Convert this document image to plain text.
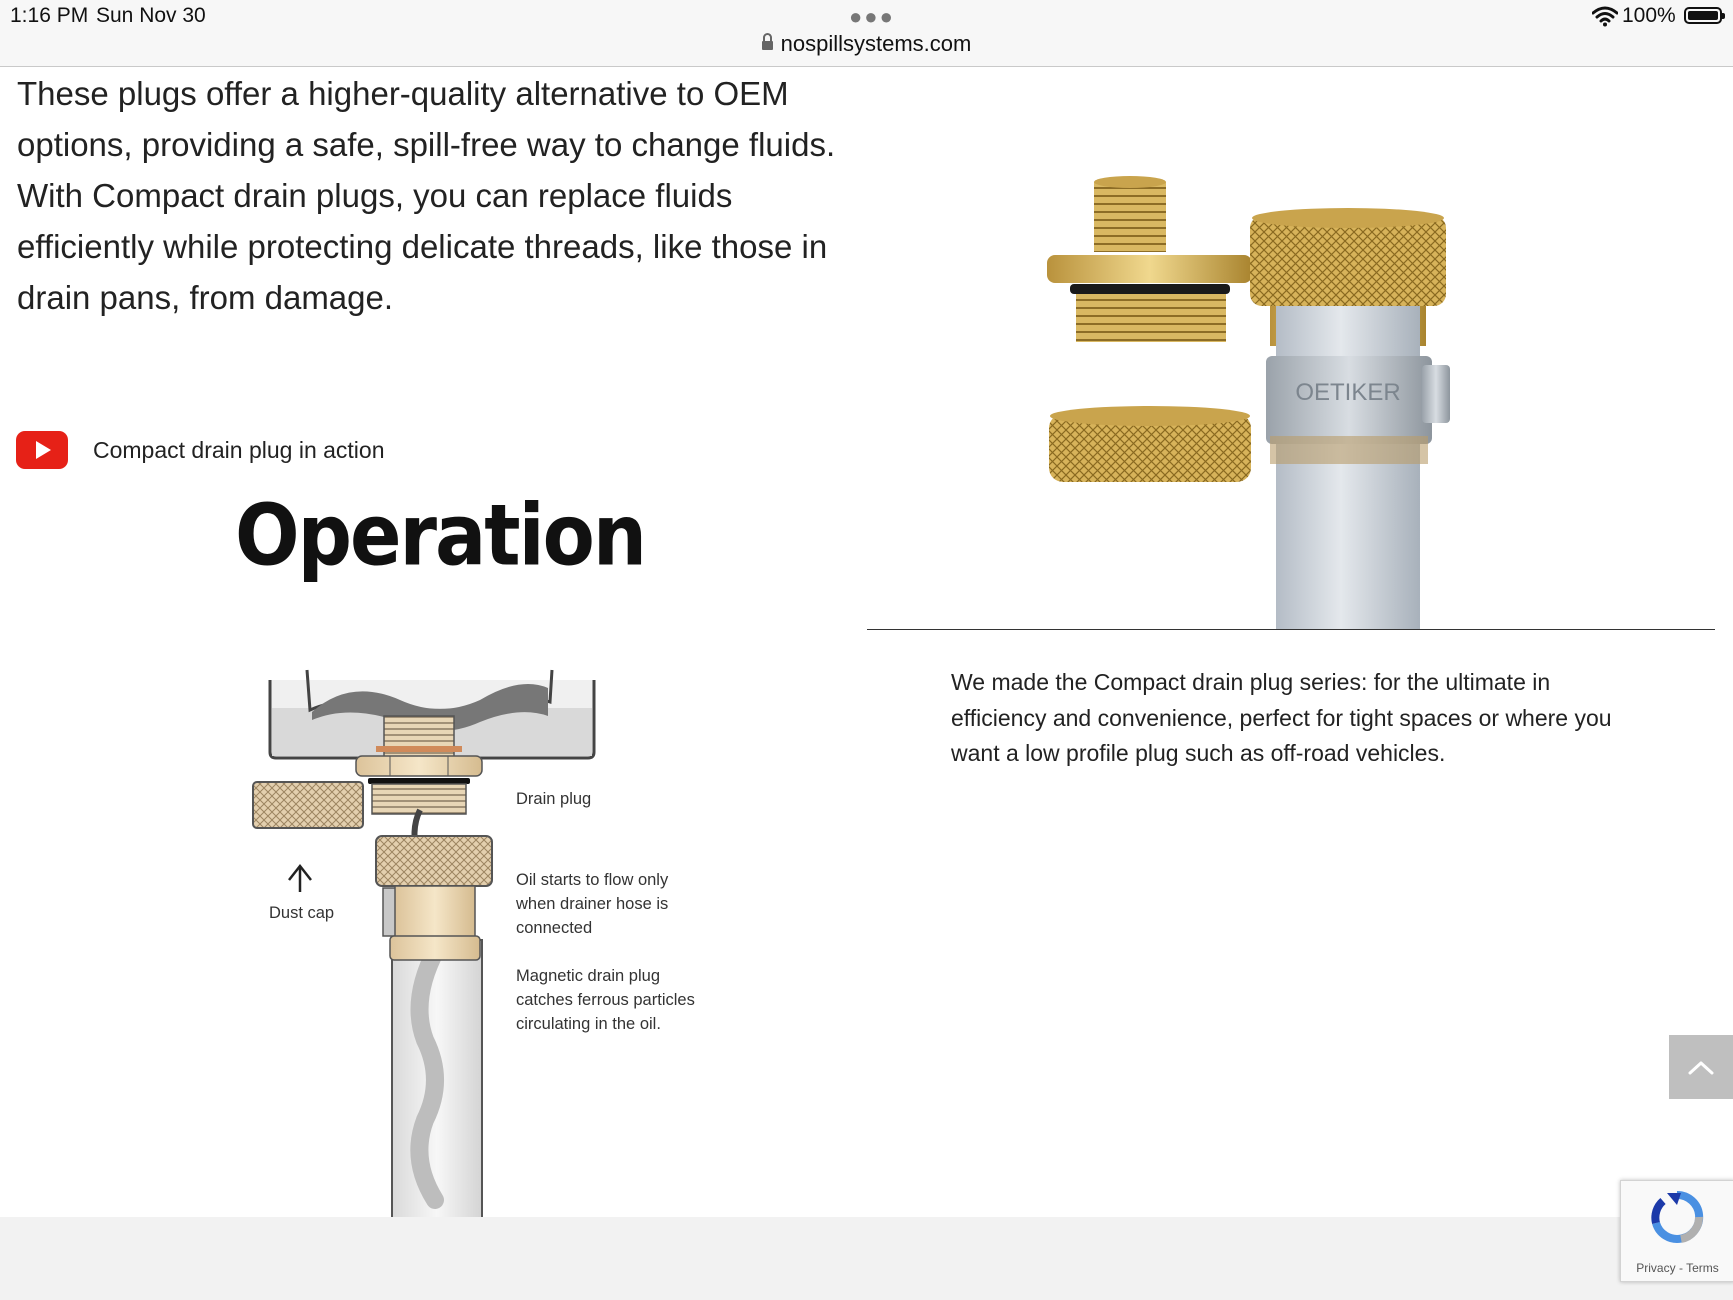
1:16 PM Sun Nov 30	●●●	100%
nospillsystems.com

These plugs offer a higher-quality alternative to OEM options, providing a safe, spill-free way to change fluids. With Compact drain plugs, you can replace fluids efficiently while protecting delicate threads, like those in drain pans, from damage.

Compact drain plug in action
Operation
Drain plug
Oil starts to flow only when drainer hose is connected
Magnetic drain plug catches ferrous particles circulating in the oil.
Dust cap
OETIKER

We made the Compact drain plug series: for the ultimate in efficiency and convenience, perfect for tight spaces or where you want a low profile plug such as off-road vehicles.

Privacy - Terms
